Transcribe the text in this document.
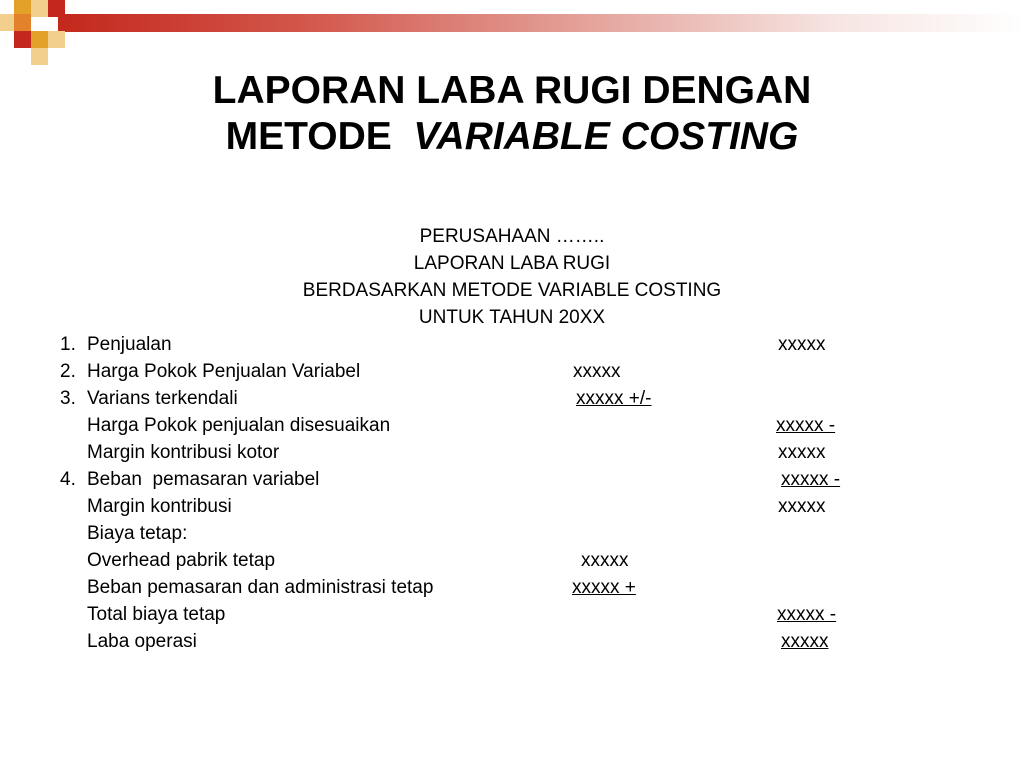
LAPORAN LABA RUGI DENGAN
METODE VARIABLE COSTING
PERUSAHAAN ……..
LAPORAN LABA RUGI
BERDASARKAN METODE VARIABLE COSTING
UNTUK TAHUN 20XX
1. Penjualan	xxxxx
2. Harga Pokok Penjualan Variabel	xxxxx
3. Varians terkendali	xxxxx +/-
Harga Pokok penjualan disesuaikan	xxxxx -
Margin kontribusi kotor	xxxxx
4. Beban  pemasaran variabel	xxxxx -
Margin kontribusi	xxxxx
Biaya tetap:
Overhead pabrik tetap	xxxxx
Beban pemasaran dan administrasi tetap	xxxxx +
Total biaya tetap	xxxxx -
Laba operasi	xxxxx
